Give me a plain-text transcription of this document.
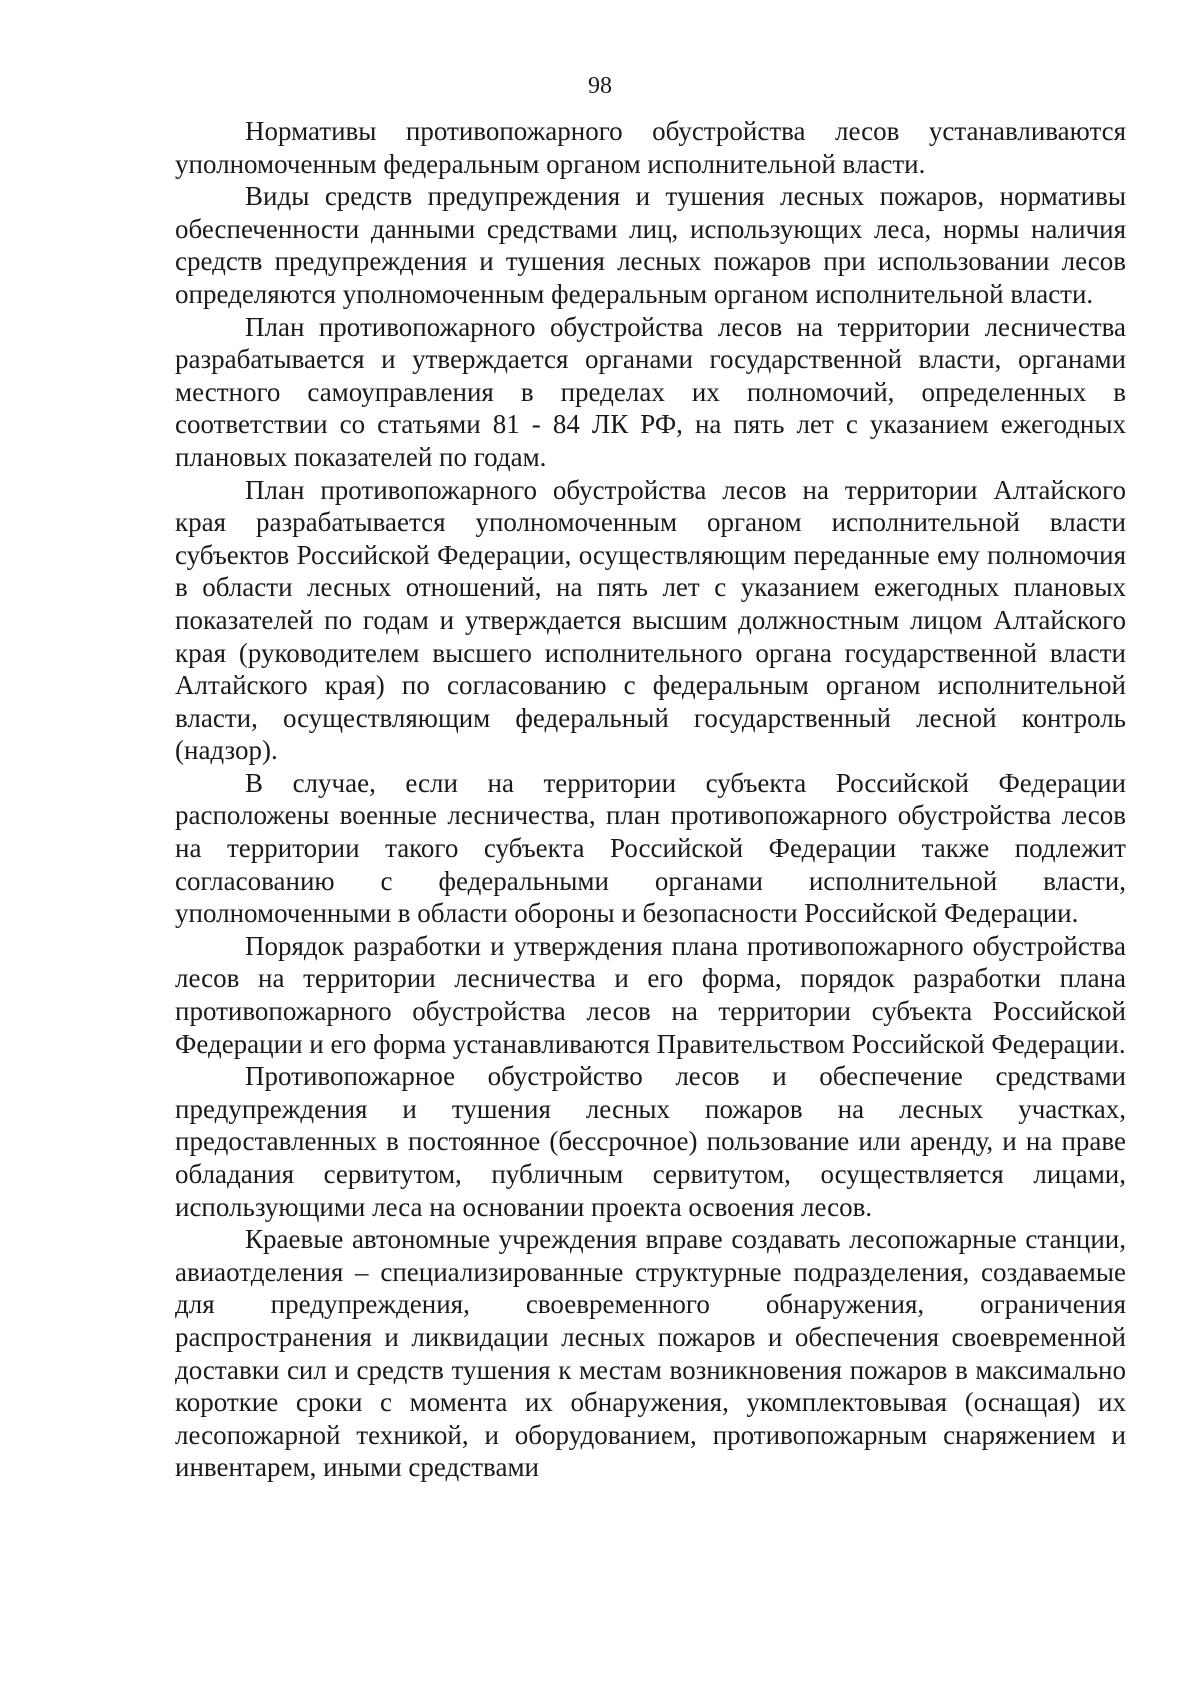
98

Нормативы противопожарного обустройства лесов устанавливаются уполномоченным федеральным органом исполнительной власти.

Виды средств предупреждения и тушения лесных пожаров, нормативы обеспеченности данными средствами лиц, использующих леса, нормы наличия средств предупреждения и тушения лесных пожаров при использовании лесов определяются уполномоченным федеральным органом исполнительной власти.

План противопожарного обустройства лесов на территории лесничества разрабатывается и утверждается органами государственной власти, органами местного самоуправления в пределах их полномочий, определенных в соответствии со статьями 81 - 84 ЛК РФ, на пять лет с указанием ежегодных плановых показателей по годам.

План противопожарного обустройства лесов на территории Алтайского края разрабатывается уполномоченным органом исполнительной власти субъектов Российской Федерации, осуществляющим переданные ему полномочия в области лесных отношений, на пять лет с указанием ежегодных плановых показателей по годам и утверждается высшим должностным лицом Алтайского края (руководителем высшего исполнительного органа государственной власти Алтайского края) по согласованию с федеральным органом исполнительной власти, осуществляющим федеральный государственный лесной контроль (надзор).

В случае, если на территории субъекта Российской Федерации расположены военные лесничества, план противопожарного обустройства лесов на территории такого субъекта Российской Федерации также подлежит согласованию с федеральными органами исполнительной власти, уполномоченными в области обороны и безопасности Российской Федерации.

Порядок разработки и утверждения плана противопожарного обустройства лесов на территории лесничества и его форма, порядок разработки плана противопожарного обустройства лесов на территории субъекта Российской Федерации и его форма устанавливаются Правительством Российской Федерации.

Противопожарное обустройство лесов и обеспечение средствами предупреждения и тушения лесных пожаров на лесных участках, предоставленных в постоянное (бессрочное) пользование или аренду, и на праве обладания сервитутом, публичным сервитутом, осуществляется лицами, использующими леса на основании проекта освоения лесов.

Краевые автономные учреждения вправе создавать лесопожарные станции, авиаотделения – специализированные структурные подразделения, создаваемые для предупреждения, своевременного обнаружения, ограничения распространения и ликвидации лесных пожаров и обеспечения своевременной доставки сил и средств тушения к местам возникновения пожаров в максимально короткие сроки с момента их обнаружения, укомплектовывая (оснащая) их лесопожарной техникой, и оборудованием, противопожарным снаряжением и инвентарем, иными средствами
